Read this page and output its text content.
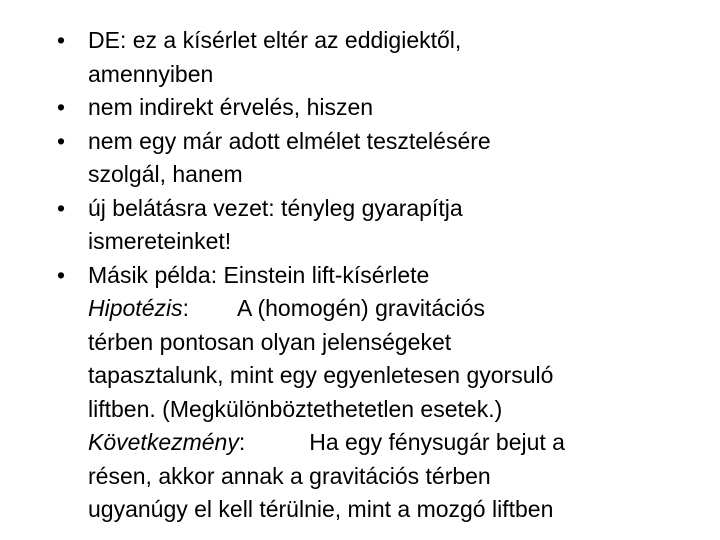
• DE: ez a kísérlet eltér az eddigiektől,
amennyiben
• nem indirekt érvelés, hiszen
• nem egy már adott elmélet tesztelésére
szolgál, hanem
• új belátásra vezet: tényleg gyarapítja
ismereteinket!
• Másik példa: Einstein lift-kísérlete
Hipotézis: A (homogén) gravitációs
térben pontosan olyan jelenségeket
tapasztalunk, mint egy egyenletesen gyorsuló
liftben. (Megkülönböztethetetlen esetek.)
Következmény:	Ha egy fénysugár bejut a
résen, akkor annak a gravitációs térben
ugyanúgy el kell térülnie, mint a mozgó liftben
